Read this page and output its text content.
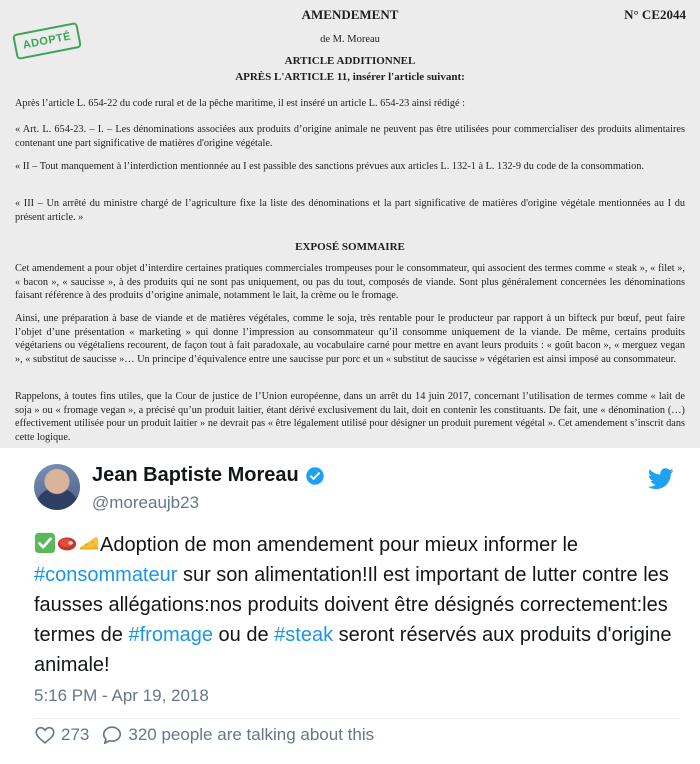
AMENDEMENT	N° CE2044
ADOPTÉ	de M. Moreau
ARTICLE ADDITIONNEL
APRÈS L'ARTICLE 11, insérer l'article suivant:

Après l’article L. 654-22 du code rural et de la pêche maritime, il est inséré un article L. 654-23 ainsi rédigé :

« Art. L. 654-23. – I. – Les dénominations associées aux produits d’origine animale ne peuvent pas être utilisées pour commercialiser des produits alimentaires contenant une part significative de matières d'origine végétale.

« II – Tout manquement à l’interdiction mentionnée au I est passible des sanctions prévues aux articles L. 132-1 à L. 132-9 du code de la consommation.

« III – Un arrêté du ministre chargé de l’agriculture fixe la liste des dénominations et la part significative de matières d'origine végétale mentionnées au I du présent article. »

EXPOSÉ SOMMAIRE

Cet amendement a pour objet d’interdire certaines pratiques commerciales trompeuses pour le consommateur, qui associent des termes comme « steak », « filet », « bacon », « saucisse », à des produits qui ne sont pas uniquement, ou pas du tout, composés de viande. Sont plus généralement concernées les dénominations faisant référence à des produits d’origine animale, notamment le lait, la crème ou le fromage.

Ainsi, une préparation à base de viande et de matières végétales, comme le soja, très rentable pour le producteur par rapport à un bifteck pur bœuf, peut faire l’objet d’une présentation « marketing » qui donne l’impression au consommateur qu’il consomme uniquement de la viande. De même, certains produits végétariens ou végétaliens recourent, de façon tout à fait paradoxale, au vocabulaire carné pour mettre en avant leurs produits : « goût bacon », « merguez vegan », « substitut de saucisse »… Un principe d’équivalence entre une saucisse pur porc et un « substitut de saucisse » végétarien est ainsi imposé au consommateur.

Rappelons, à toutes fins utiles, que la Cour de justice de l’Union européenne, dans un arrêt du 14 juin 2017, concernant l’utilisation de termes comme « lait de soja » ou « fromage vegan », a précisé qu’un produit laitier, étant dérivé exclusivement du lait, doit en contenir les constituants. De fait, une « dénomination (…) effectivement utilisée pour un produit laitier » ne devrait pas « être légalement utilisé pour désigner un produit purement végétal ». Cet amendement s’inscrit dans cette logique.

Jean Baptiste Moreau
@moreaujb23

Adoption de mon amendement pour mieux informer le #consommateur sur son alimentation!Il est important de lutter contre les fausses allégations:nos produits doivent être désignés correctement:les termes de #fromage ou de #steak seront réservés aux produits d'origine animale!

5:16 PM - Apr 19, 2018
273 320 people are talking about this
